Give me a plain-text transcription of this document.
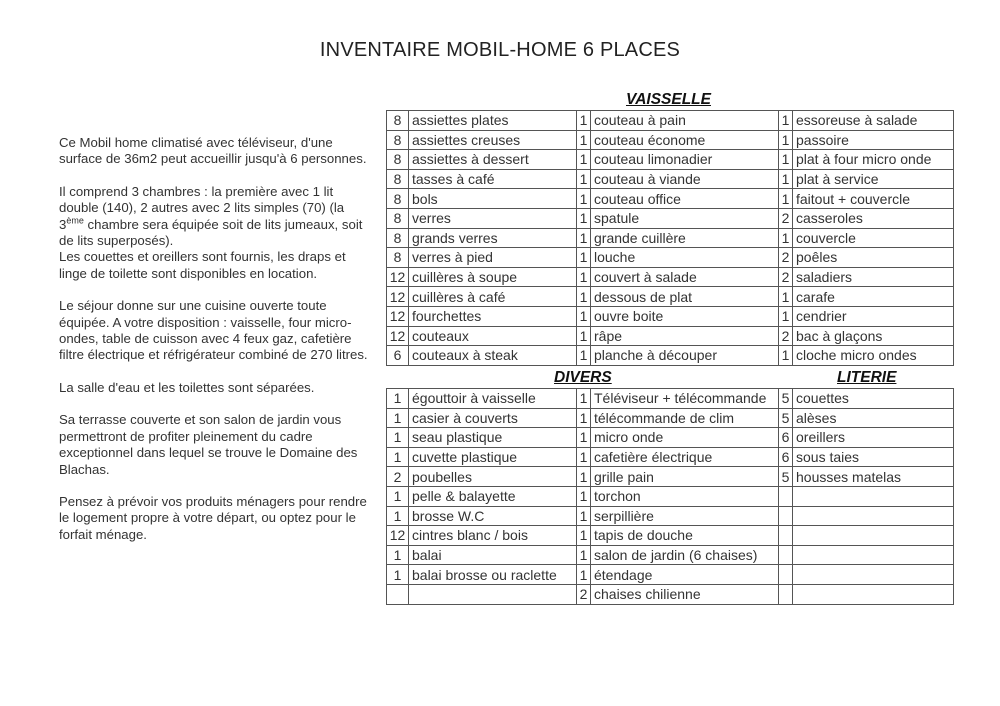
INVENTAIRE MOBIL-HOME 6 PLACES

Ce Mobil home climatisé avec téléviseur, d'une surface de 36m2 peut accueillir jusqu'à 6 personnes.

Il comprend 3 chambres : la première avec 1 lit double (140), 2 autres avec 2 lits simples (70) (la 3ème chambre sera équipée soit de lits jumeaux, soit de lits superposés).

Les couettes et oreillers sont fournis, les draps et linge de toilette sont disponibles en location.

Le séjour donne sur une cuisine ouverte toute équipée. A votre disposition : vaisselle, four micro-ondes, table de cuisson avec 4 feux gaz, cafetière filtre électrique et réfrigérateur combiné de 270 litres.

La salle d'eau et les toilettes sont séparées.

Sa terrasse couverte et son salon de jardin vous permettront de profiter pleinement du cadre exceptionnel dans lequel se trouve le Domaine des Blachas.

Pensez à prévoir vos produits ménagers pour rendre le logement propre à votre départ, ou optez pour le forfait ménage.

VAISSELLE
8	assiettes plates	1	couteau à pain	1	essoreuse à salade
8	assiettes creuses	1	couteau économe	1	passoire
8	assiettes à dessert	1	couteau limonadier	1	plat à four micro onde
8	tasses à café	1	couteau à viande	1	plat à service
8	bols	1	couteau office	1	faitout + couvercle
8	verres	1	spatule	2	casseroles
8	grands verres	1	grande cuillère	1	couvercle
8	verres à pied	1	louche	2	poêles
12	cuillères à soupe	1	couvert à salade	2	saladiers
12	cuillères à café	1	dessous de plat	1	carafe
12	fourchettes	1	ouvre boite	1	cendrier
12	couteaux	1	râpe	2	bac à glaçons
6	couteaux à steak	1	planche à découper	1	cloche micro ondes
DIVERS	LITERIE
1	égouttoir à vaisselle	1	Téléviseur + télécommande	5	couettes
1	casier à couverts	1	télécommande de clim	5	alèses
1	seau plastique	1	micro onde	6	oreillers
1	cuvette plastique	1	cafetière électrique	6	sous taies
2	poubelles	1	grille pain	5	housses matelas
1	pelle & balayette	1	torchon		
1	brosse W.C	1	serpillière		
12	cintres blanc / bois	1	tapis de douche		
1	balai	1	salon de jardin (6 chaises)		
1	balai brosse ou raclette	1	étendage		
		2	chaises chilienne		
